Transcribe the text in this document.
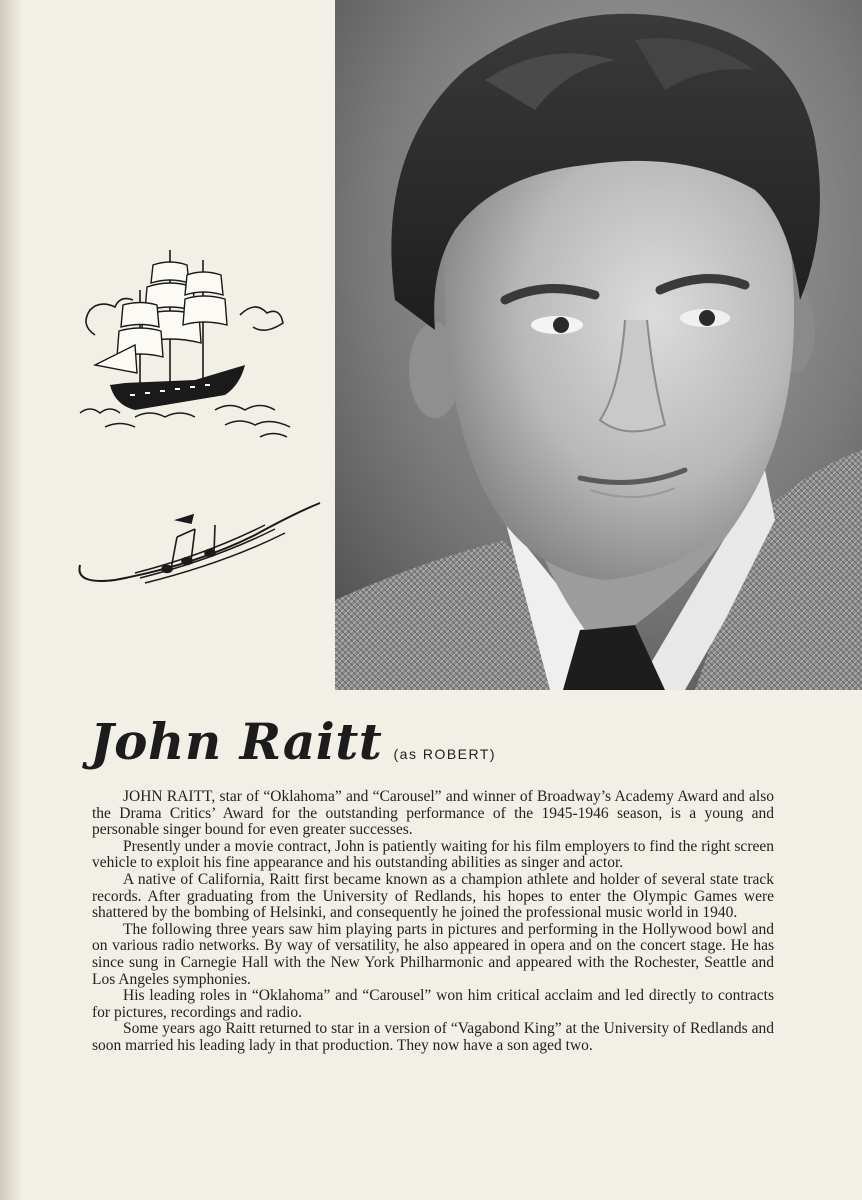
John Raitt (as ROBERT)

JOHN RAITT, star of “Oklahoma” and “Carousel” and winner of Broadway’s Academy Award and also the Drama Critics’ Award for the outstanding performance of the 1945-1946 season, is a young and personable singer bound for even greater successes.

Presently under a movie contract, John is patiently waiting for his film employers to find the right screen vehicle to exploit his fine appearance and his outstanding abilities as singer and actor.

A native of California, Raitt first became known as a champion athlete and holder of several state track records. After graduating from the University of Redlands, his hopes to enter the Olympic Games were shattered by the bombing of Helsinki, and consequently he joined the professional music world in 1940.

The following three years saw him playing parts in pictures and performing in the Hollywood bowl and on various radio networks. By way of versatility, he also appeared in opera and on the concert stage. He has since sung in Carnegie Hall with the New York Philharmonic and appeared with the Rochester, Seattle and Los Angeles symphonies.

His leading roles in “Oklahoma” and “Carousel” won him critical acclaim and led directly to contracts for pictures, recordings and radio.

Some years ago Raitt returned to star in a version of “Vagabond King” at the University of Redlands and soon married his leading lady in that production. They now have a son aged two.
